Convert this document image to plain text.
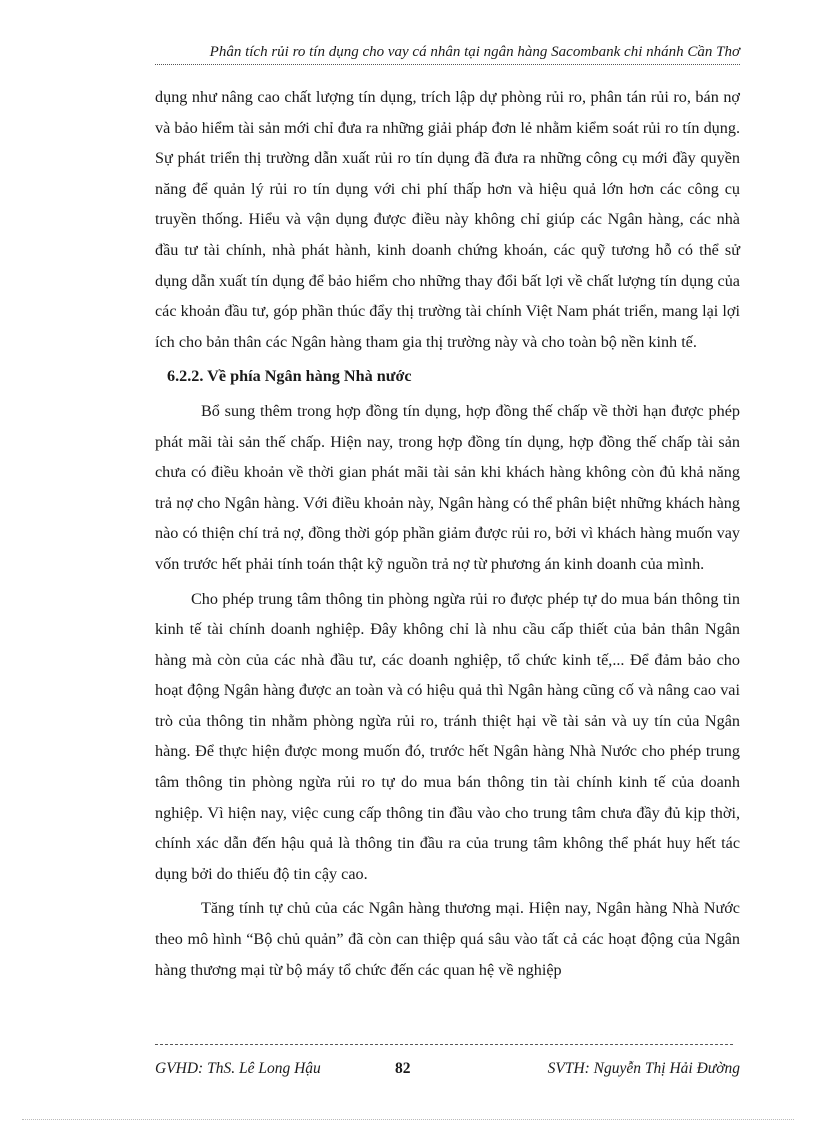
Phân tích rủi ro tín dụng cho vay cá nhân tại ngân hàng Sacombank chi nhánh Cần Thơ

dụng như nâng cao chất lượng tín dụng, trích lập dự phòng rủi ro, phân tán rủi ro, bán nợ và bảo hiểm tài sản mới chỉ đưa ra những giải pháp đơn lẻ nhằm kiểm soát rủi ro tín dụng. Sự phát triển thị trường dẫn xuất rủi ro tín dụng đã đưa ra những công cụ mới đầy quyền năng để quản lý rủi ro tín dụng với chi phí thấp hơn và hiệu quả lớn hơn các công cụ truyền thống. Hiểu và vận dụng được điều này không chỉ giúp các Ngân hàng, các nhà đầu tư tài chính, nhà phát hành, kinh doanh chứng khoán, các quỹ tương hỗ có thể sử dụng dẫn xuất tín dụng để bảo hiểm cho những thay đổi bất lợi về chất lượng tín dụng của các khoản đầu tư, góp phần thúc đẩy thị trường tài chính Việt Nam phát triển, mang lại lợi ích cho bản thân các Ngân hàng tham gia thị trường này và cho toàn bộ nền kinh tế.

6.2.2. Về phía Ngân hàng Nhà nước

Bổ sung thêm trong hợp đồng tín dụng, hợp đồng thế chấp về thời hạn được phép phát mãi tài sản thế chấp. Hiện nay, trong hợp đồng tín dụng, hợp đồng thế chấp tài sản chưa có điều khoản về thời gian phát mãi tài sản khi khách hàng không còn đủ khả năng trả nợ cho Ngân hàng. Với điều khoản này, Ngân hàng có thể phân biệt những khách hàng nào có thiện chí trả nợ, đồng thời góp phần giảm được rủi ro, bởi vì khách hàng muốn vay vốn trước hết phải tính toán thật kỹ nguồn trả nợ từ phương án kinh doanh của mình.

Cho phép trung tâm thông tin phòng ngừa rủi ro được phép tự do mua bán thông tin kinh tế tài chính doanh nghiệp. Đây không chỉ là nhu cầu cấp thiết của bản thân Ngân hàng mà còn của các nhà đầu tư, các doanh nghiệp, tổ chức kinh tế,... Để đảm bảo cho hoạt động Ngân hàng được an toàn và có hiệu quả thì Ngân hàng cũng cố và nâng cao vai trò của thông tin nhằm phòng ngừa rủi ro, tránh thiệt hại về tài sản và uy tín của Ngân hàng. Để thực hiện được mong muốn đó, trước hết Ngân hàng Nhà Nước cho phép trung tâm thông tin phòng ngừa rủi ro tự do mua bán thông tin tài chính kinh tế của doanh nghiệp. Vì hiện nay, việc cung cấp thông tin đầu vào cho trung tâm chưa đầy đủ kịp thời, chính xác dẫn đến hậu quả là thông tin đầu ra của trung tâm không thể phát huy hết tác dụng bởi do thiếu độ tin cậy cao.

Tăng tính tự chủ của các Ngân hàng thương mại. Hiện nay, Ngân hàng Nhà Nước theo mô hình “Bộ chủ quản” đã còn can thiệp quá sâu vào tất cả các hoạt động của Ngân hàng thương mại từ bộ máy tổ chức đến các quan hệ về nghiệp

GVHD: ThS. Lê Long Hậu	82	SVTH: Nguyễn Thị Hải Đường
